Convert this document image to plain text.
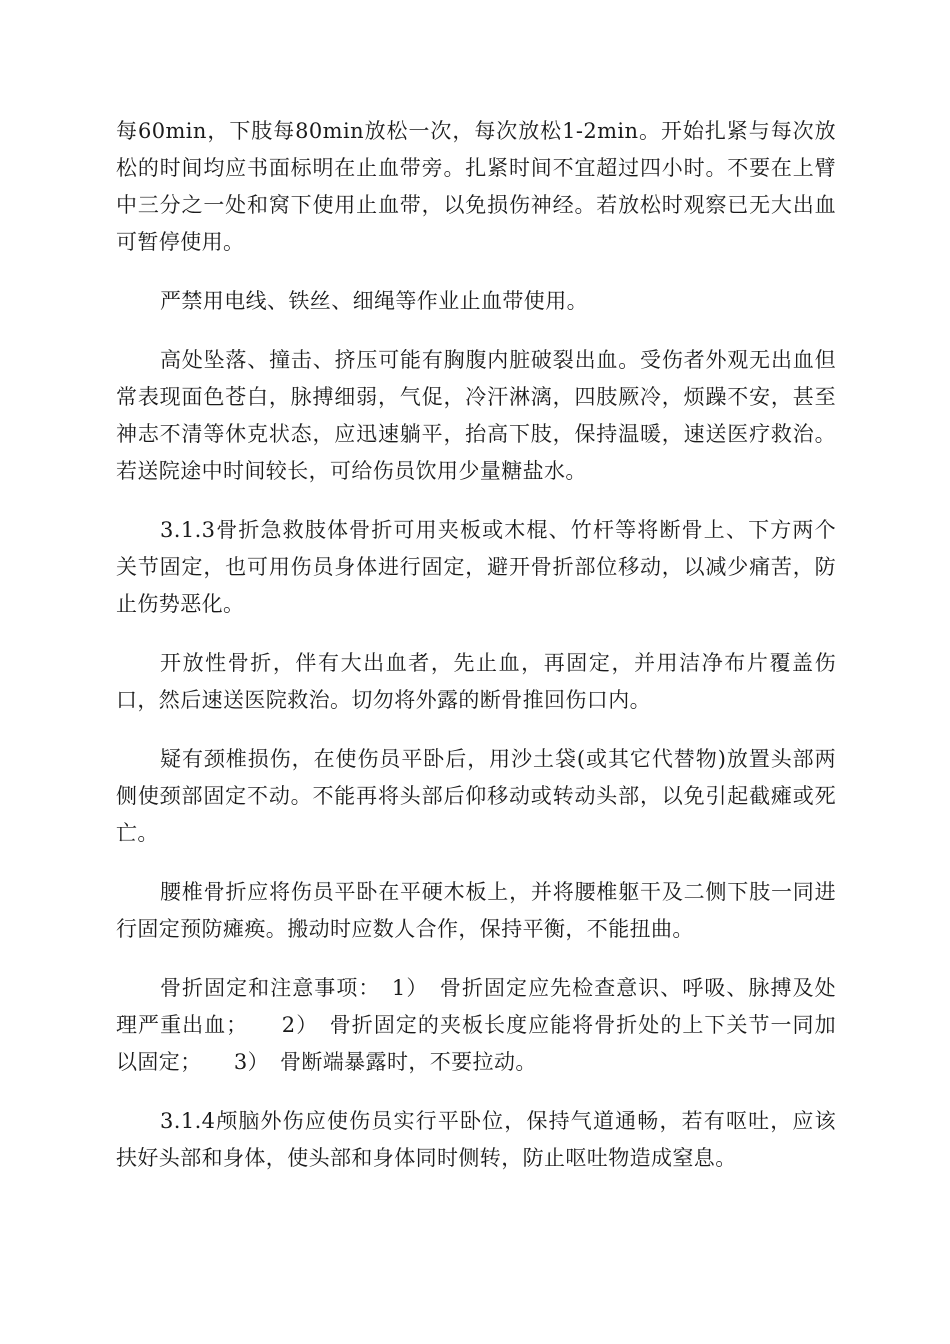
每60min，下肢每80min放松一次，每次放松1-2min。开始扎紧与每次放松的时间均应书面标明在止血带旁。扎紧时间不宜超过四小时。不要在上臂中三分之一处和窝下使用止血带，以免损伤神经。若放松时观察已无大出血可暂停使用。

严禁用电线、铁丝、细绳等作业止血带使用。

高处坠落、撞击、挤压可能有胸腹内脏破裂出血。受伤者外观无出血但常表现面色苍白，脉搏细弱，气促，冷汗淋漓，四肢厥冷，烦躁不安，甚至神志不清等休克状态，应迅速躺平，抬高下肢，保持温暖，速送医疗救治。若送院途中时间较长，可给伤员饮用少量糖盐水。

3.1.3骨折急救肢体骨折可用夹板或木棍、竹杆等将断骨上、下方两个关节固定，也可用伤员身体进行固定，避开骨折部位移动，以减少痛苦，防止伤势恶化。

开放性骨折，伴有大出血者，先止血，再固定，并用洁净布片覆盖伤口，然后速送医院救治。切勿将外露的断骨推回伤口内。

疑有颈椎损伤，在使伤员平卧后，用沙土袋(或其它代替物)放置头部两侧使颈部固定不动。不能再将头部后仰移动或转动头部，以免引起截瘫或死亡。

腰椎骨折应将伤员平卧在平硬木板上，并将腰椎躯干及二侧下肢一同进行固定预防瘫痪。搬动时应数人合作，保持平衡，不能扭曲。

骨折固定和注意事项：　1）　骨折固定应先检查意识、呼吸、脉搏及处理严重出血；　　2）　骨折固定的夹板长度应能将骨折处的上下关节一同加以固定；　　3）　骨断端暴露时，不要拉动。

3.1.4颅脑外伤应使伤员实行平卧位，保持气道通畅，若有呕吐，应该扶好头部和身体，使头部和身体同时侧转，防止呕吐物造成窒息。
